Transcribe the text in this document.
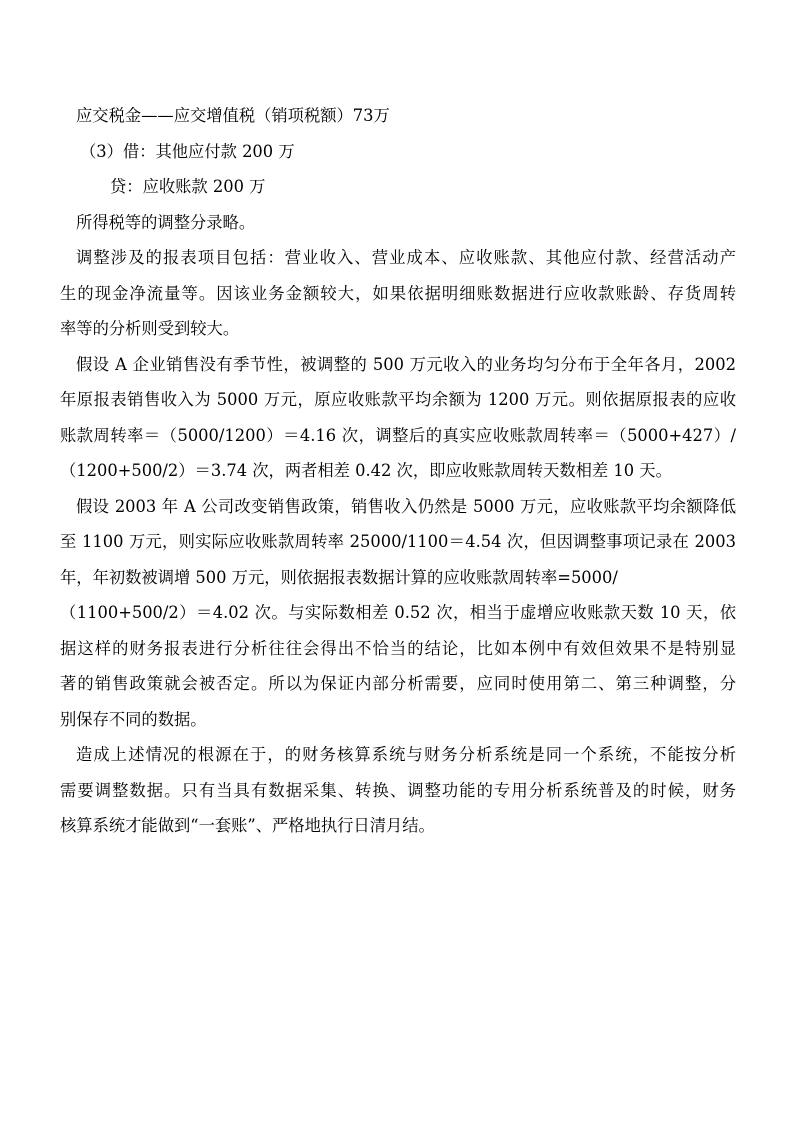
应交税金——应交增值税（销项税额）73万
（3）借：其他应付款 200 万
贷：应收账款 200 万
所得税等的调整分录略。
调整涉及的报表项目包括：营业收入、营业成本、应收账款、其他应付款、经营活动产
生的现金净流量等。因该业务金额较大，如果依据明细账数据进行应收款账龄、存货周转
率等的分析则受到较大。
假设 A 企业销售没有季节性，被调整的 500 万元收入的业务均匀分布于全年各月，2002
年原报表销售收入为 5000 万元，原应收账款平均余额为 1200 万元。则依据原报表的应收
账款周转率＝（5000/1200）＝4.16 次，调整后的真实应收账款周转率＝（5000+427）/
（1200+500/2）＝3.74 次，两者相差 0.42 次，即应收账款周转天数相差 10 天。
假设 2003 年 A 公司改变销售政策，销售收入仍然是 5000 万元，应收账款平均余额降低
至 1100 万元，则实际应收账款周转率 25000/1100＝4.54 次，但因调整事项记录在 2003
年，年初数被调增 500 万元，则依据报表数据计算的应收账款周转率=5000/
（1100+500/2）＝4.02 次。与实际数相差 0.52 次，相当于虚增应收账款天数 10 天，依
据这样的财务报表进行分析往往会得出不恰当的结论，比如本例中有效但效果不是特别显
著的销售政策就会被否定。所以为保证内部分析需要，应同时使用第二、第三种调整，分
别保存不同的数据。
造成上述情况的根源在于，的财务核算系统与财务分析系统是同一个系统，不能按分析
需要调整数据。只有当具有数据采集、转换、调整功能的专用分析系统普及的时候，财务
核算系统才能做到“一套账”、严格地执行日清月结。
